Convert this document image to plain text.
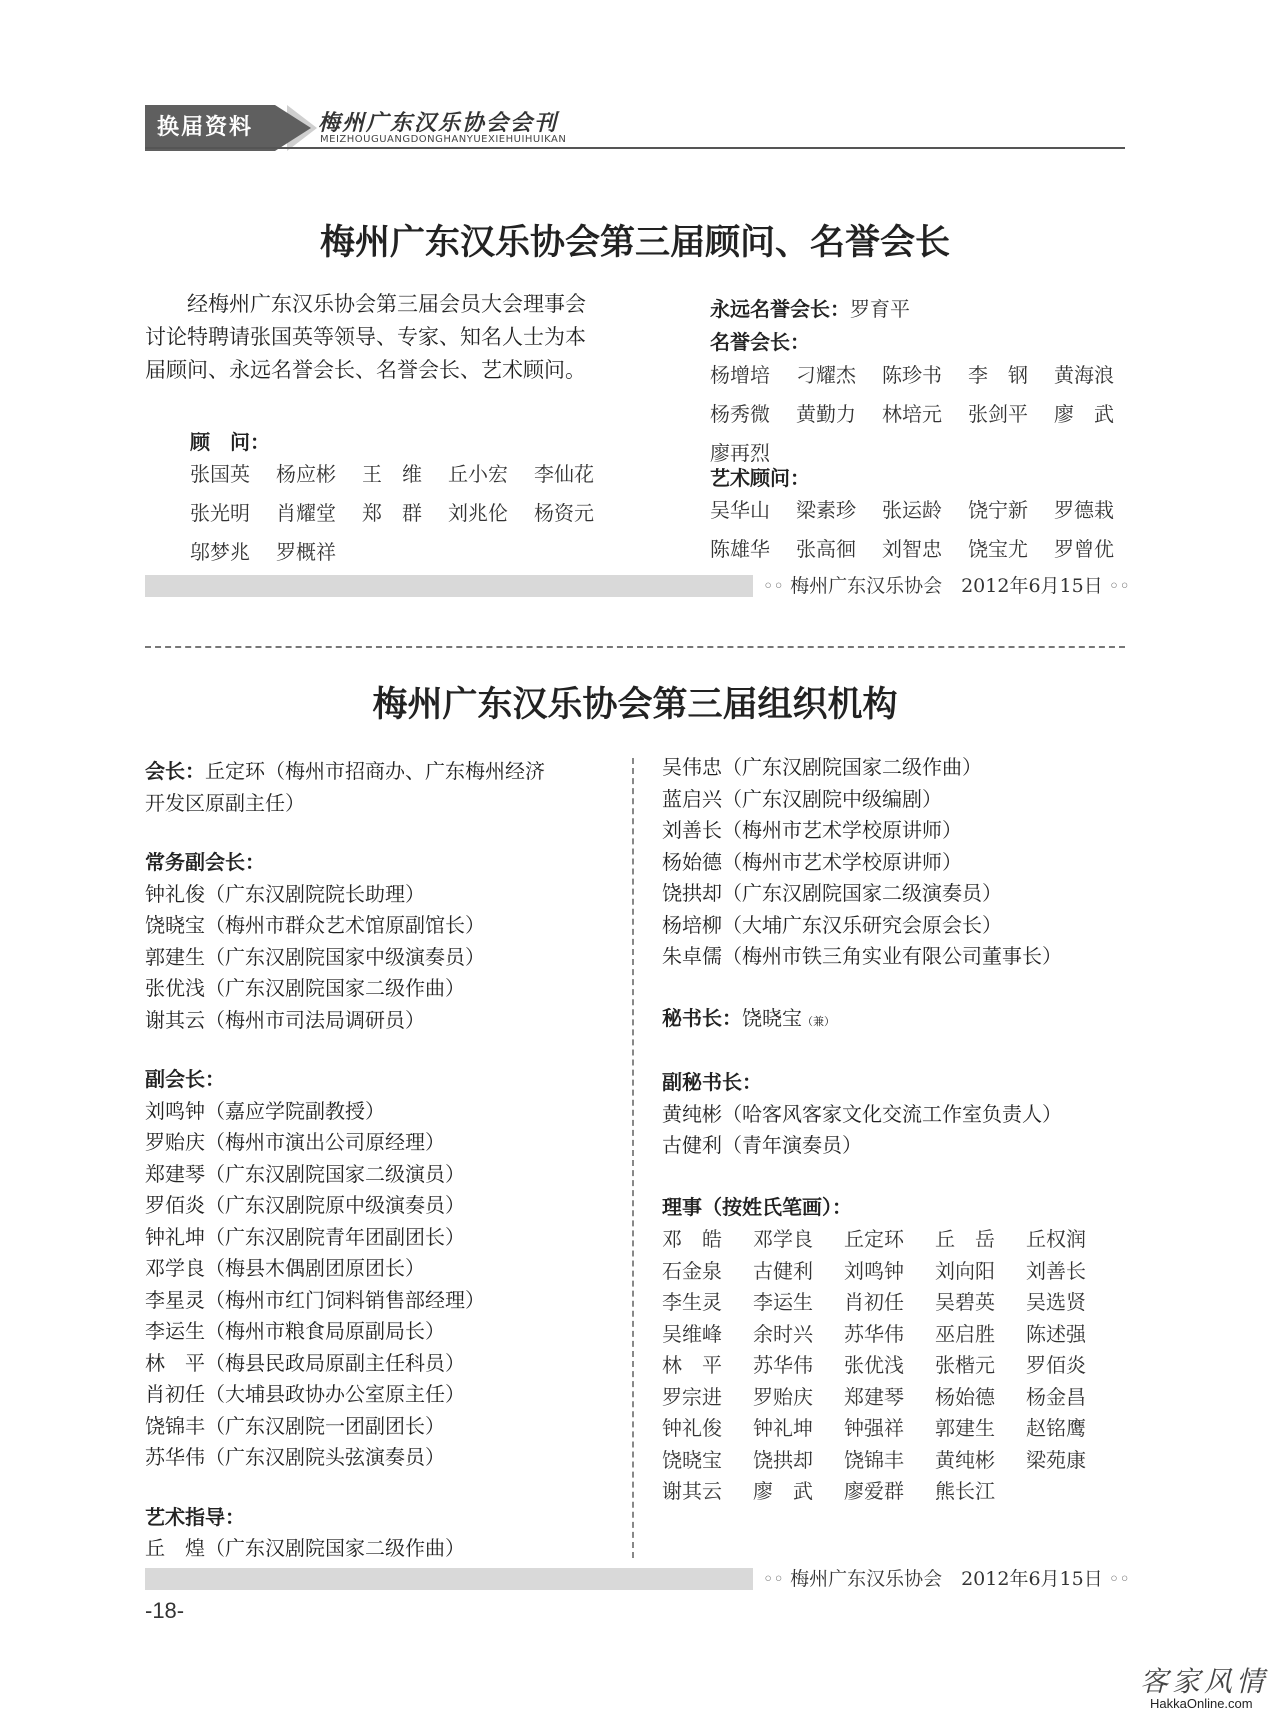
换届资料	梅州广东汉乐协会会刊
MEIZHOUGUANGDONGHANYUEXIEHUIHUIKAN
梅州广东汉乐协会第三届顾问、名誉会长
经梅州广东汉乐协会第三届会员大会理事会讨论特聘请张国英等领导、专家、知名人士为本届顾问、永远名誉会长、名誉会长、艺术顾问。
顾　问：
张国英	杨应彬	王　维	丘小宏	李仙花
张光明	肖耀堂	郑　群	刘兆伦	杨资元
邬梦兆	罗概祥
永远名誉会长：罗育平
名誉会长：
杨增培	刁耀杰	陈珍书	李　钢	黄海浪
杨秀微	黄勤力	林培元	张剑平	廖　武
廖再烈
艺术顾问：
吴华山	梁素珍	张运龄	饶宁新	罗德栽
陈雄华	张高徊	刘智忠	饶宝尤	罗曾优
◦◦ 梅州广东汉乐协会　2012年6月15日 ◦◦
梅州广东汉乐协会第三届组织机构
会长：丘定环（梅州市招商办、广东梅州经济
开发区原副主任）
常务副会长：
钟礼俊（广东汉剧院院长助理）
饶晓宝（梅州市群众艺术馆原副馆长）
郭建生（广东汉剧院国家中级演奏员）
张优浅（广东汉剧院国家二级作曲）
谢其云（梅州市司法局调研员）
副会长：
刘鸣钟（嘉应学院副教授）
罗贻庆（梅州市演出公司原经理）
郑建琴（广东汉剧院国家二级演员）
罗佰炎（广东汉剧院原中级演奏员）
钟礼坤（广东汉剧院青年团副团长）
邓学良（梅县木偶剧团原团长）
李星灵（梅州市红门饲料销售部经理）
李运生（梅州市粮食局原副局长）
林　平（梅县民政局原副主任科员）
肖初任（大埔县政协办公室原主任）
饶锦丰（广东汉剧院一团副团长）
苏华伟（广东汉剧院头弦演奏员）
艺术指导：
丘　煌（广东汉剧院国家二级作曲）
吴伟忠（广东汉剧院国家二级作曲）
蓝启兴（广东汉剧院中级编剧）
刘善长（梅州市艺术学校原讲师）
杨始德（梅州市艺术学校原讲师）
饶拱却（广东汉剧院国家二级演奏员）
杨培柳（大埔广东汉乐研究会原会长）
朱卓儒（梅州市铁三角实业有限公司董事长）
秘书长：饶晓宝（兼）
副秘书长：
黄纯彬（哈客风客家文化交流工作室负责人）
古健利（青年演奏员）
理事（按姓氏笔画）：
邓　皓	邓学良	丘定环	丘　岳	丘权润
石金泉	古健利	刘鸣钟	刘向阳	刘善长
李生灵	李运生	肖初任	吴碧英	吴选贤
吴维峰	余时兴	苏华伟	巫启胜	陈述强
林　平	苏华伟	张优浅	张楷元	罗佰炎
罗宗进	罗贻庆	郑建琴	杨始德	杨金昌
钟礼俊	钟礼坤	钟强祥	郭建生	赵铭鹰
饶晓宝	饶拱却	饶锦丰	黄纯彬	梁苑康
谢其云	廖　武	廖爱群	熊长江
◦◦ 梅州广东汉乐协会　2012年6月15日 ◦◦
-18-
客家风情
HakkaOnline.com
